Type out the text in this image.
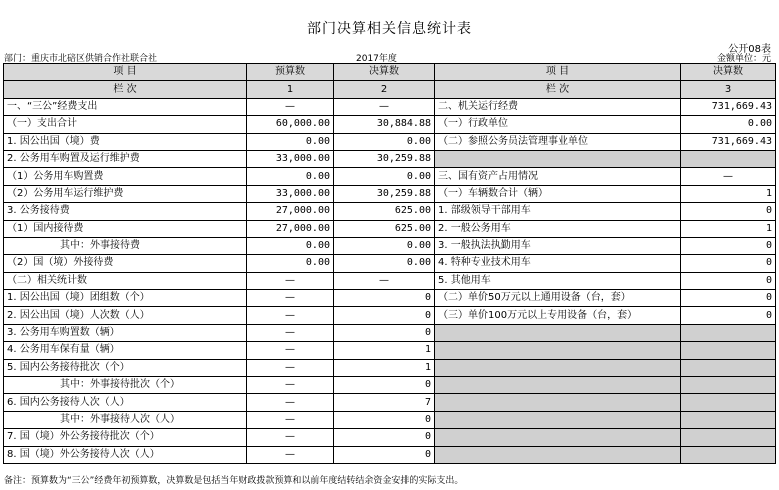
部门决算相关信息统计表
公开08表
部门：重庆市北碚区供销合作社联合社	2017年度	金额单位：元
项 目	预算数	决算数	项 目	决算数
栏 次	1	2	栏 次	3
一、“三公”经费支出	—	—	二、机关运行经费	731,669.43
（一）支出合计	60,000.00	30,884.88	（一）行政单位	0.00
1. 因公出国（境）费	0.00	0.00	（二）参照公务员法管理事业单位	731,669.43
2. 公务用车购置及运行维护费	33,000.00	30,259.88		
（1）公务用车购置费	0.00	0.00	三、国有资产占用情况	—
（2）公务用车运行维护费	33,000.00	30,259.88	（一）车辆数合计（辆）	1
3. 公务接待费	27,000.00	625.00	1. 部级领导干部用车	0
（1）国内接待费	27,000.00	625.00	2. 一般公务用车	1
其中：外事接待费	0.00	0.00	3. 一般执法执勤用车	0
（2）国（境）外接待费	0.00	0.00	4. 特种专业技术用车	0
（二）相关统计数	—	—	5. 其他用车	0
1. 因公出国（境）团组数（个）	—	0	（二）单价50万元以上通用设备（台，套）	0
2. 因公出国（境）人次数（人）	—	0	（三）单价100万元以上专用设备（台，套）	0
3. 公务用车购置数（辆）	—	0		
4. 公务用车保有量（辆）	—	1		
5. 国内公务接待批次（个）	—	1		
其中：外事接待批次（个）	—	0		
6. 国内公务接待人次（人）	—	7		
其中：外事接待人次（人）	—	0		
7. 国（境）外公务接待批次（个）	—	0		
8. 国（境）外公务接待人次（人）	—	0		
备注：预算数为“三公”经费年初预算数，决算数是包括当年财政拨款预算和以前年度结转结余资金安排的实际支出。
